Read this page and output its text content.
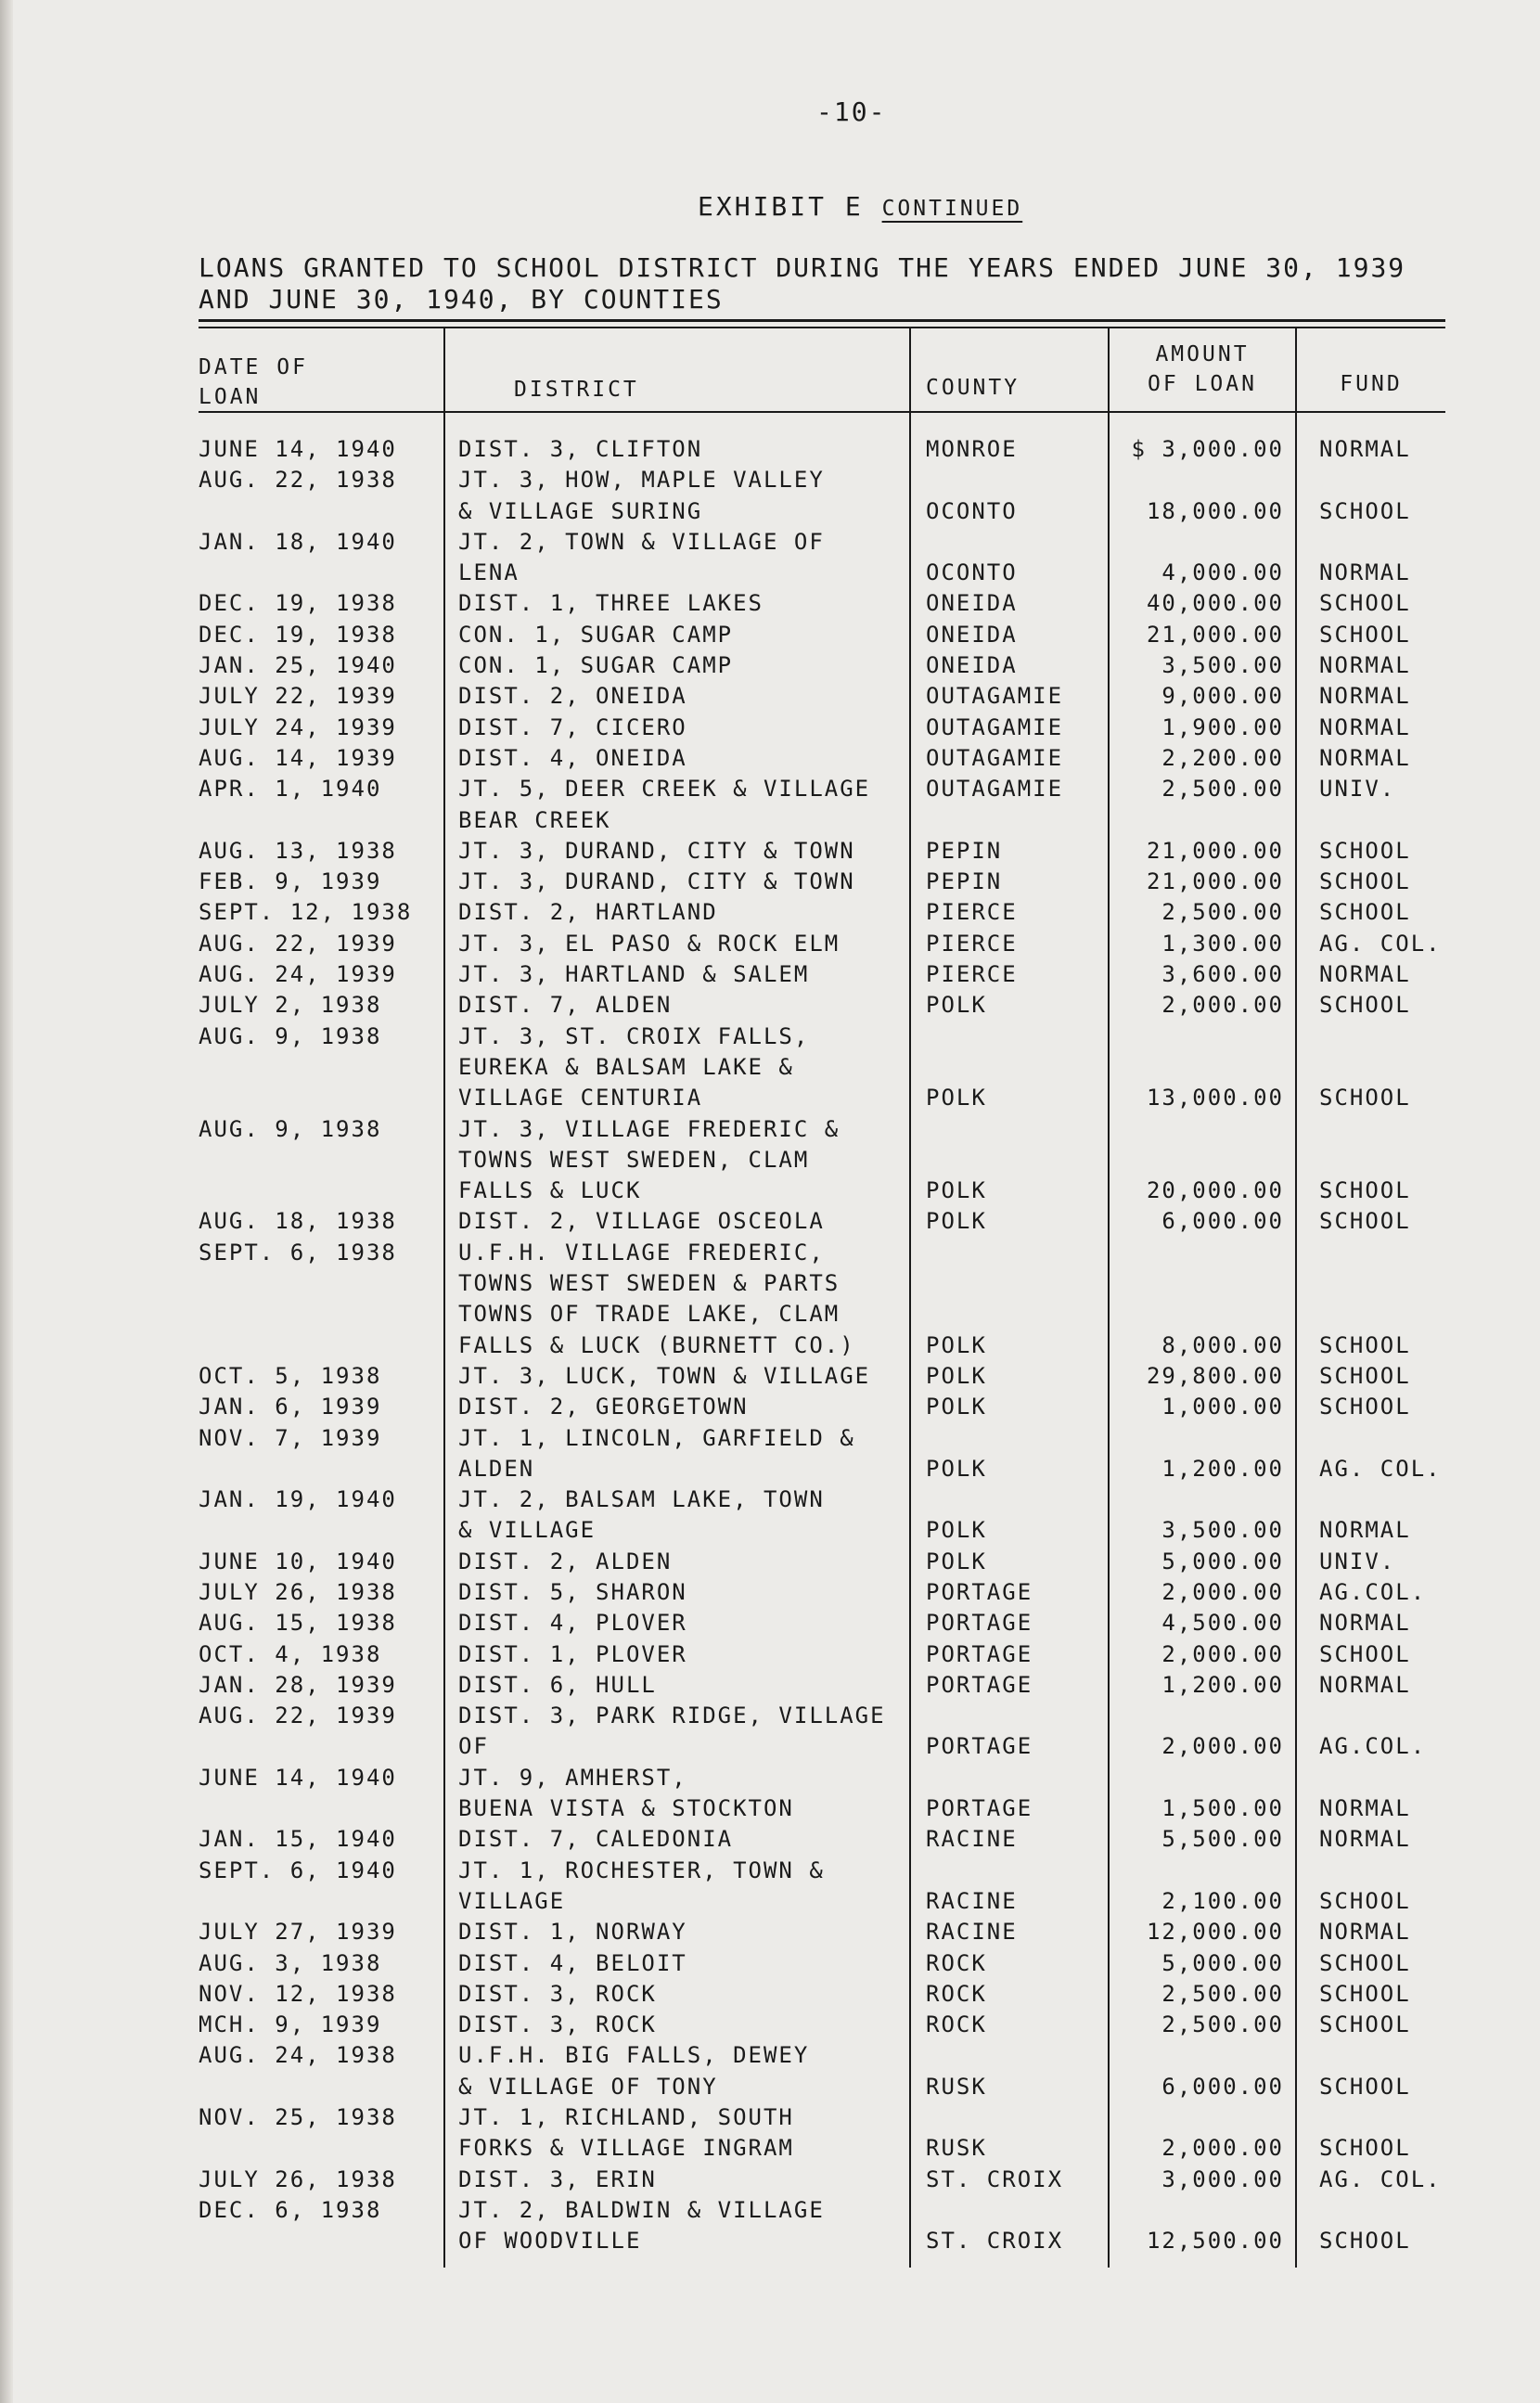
-10-
EXHIBIT E CONTINUED
LOANS GRANTED TO SCHOOL DISTRICT DURING THE YEARS ENDED JUNE 30, 1939
AND JUNE 30, 1940, BY COUNTIES
DATE OF
LOAN	DISTRICT	COUNTY
AMOUNT
OF LOAN	FUND
JUNE 14, 1940	DIST. 3, CLIFTON	MONROE	$ 3,000.00 NORMAL
AUG. 22, 1938	JT. 3, HOW, MAPLE VALLEY
& VILLAGE SURING	OCONTO	18,000.00 SCHOOL
JAN. 18, 1940	JT. 2, TOWN & VILLAGE OF
LENA	OCONTO	4,000.00 NORMAL
DEC. 19, 1938	DIST. 1, THREE LAKES	ONEIDA	40,000.00 SCHOOL
DEC. 19, 1938	CON. 1, SUGAR CAMP	ONEIDA	21,000.00 SCHOOL
JAN. 25, 1940	CON. 1, SUGAR CAMP	ONEIDA	3,500.00 NORMAL
JULY 22, 1939	DIST. 2, ONEIDA	OUTAGAMIE	9,000.00 NORMAL
JULY 24, 1939	DIST. 7, CICERO	OUTAGAMIE	1,900.00 NORMAL
AUG. 14, 1939	DIST. 4, ONEIDA	OUTAGAMIE	2,200.00 NORMAL
APR. 1, 1940	JT. 5, DEER CREEK & VILLAGE
BEAR CREEK
OUTAGAMIE	2,500.00 UNIV.
AUG. 13, 1938	JT. 3, DURAND, CITY & TOWN	PEPIN	21,000.00 SCHOOL
FEB. 9, 1939	JT. 3, DURAND, CITY & TOWN	PEPIN	21,000.00 SCHOOL
SEPT. 12, 1938 DIST. 2, HARTLAND	PIERCE	2,500.00 SCHOOL
AUG. 22, 1939	JT. 3, EL PASO & ROCK ELM	PIERCE	1,300.00 AG. COL.
AUG. 24, 1939	JT. 3, HARTLAND & SALEM	PIERCE	3,600.00 NORMAL
JULY 2, 1938	DIST. 7, ALDEN	POLK	2,000.00 SCHOOL
AUG. 9, 1938	JT. 3, ST. CROIX FALLS,
EUREKA & BALSAM LAKE &
VILLAGE CENTURIA	POLK	13,000.00 SCHOOL
AUG. 9, 1938	JT. 3, VILLAGE FREDERIC &
TOWNS WEST SWEDEN, CLAM
FALLS & LUCK	POLK	20,000.00 SCHOOL
AUG. 18, 1938	DIST. 2, VILLAGE OSCEOLA	POLK	6,000.00 SCHOOL
SEPT. 6, 1938	U.F.H. VILLAGE FREDERIC,
TOWNS WEST SWEDEN & PARTS
TOWNS OF TRADE LAKE, CLAM
FALLS & LUCK (BURNETT CO.)	POLK	8,000.00 SCHOOL
OCT. 5, 1938	JT. 3, LUCK, TOWN & VILLAGE	POLK	29,800.00 SCHOOL
JAN. 6, 1939	DIST. 2, GEORGETOWN	POLK	1,000.00 SCHOOL
NOV. 7, 1939	JT. 1, LINCOLN, GARFIELD &
ALDEN	POLK	1,200.00 AG. COL.
JAN. 19, 1940	JT. 2, BALSAM LAKE, TOWN
& VILLAGE	POLK	3,500.00 NORMAL
JUNE 10, 1940	DIST. 2, ALDEN	POLK	5,000.00 UNIV.
JULY 26, 1938	DIST. 5, SHARON	PORTAGE	2,000.00 AG.COL.
AUG. 15, 1938	DIST. 4, PLOVER	PORTAGE	4,500.00 NORMAL
OCT. 4, 1938	DIST. 1, PLOVER	PORTAGE	2,000.00 SCHOOL
JAN. 28, 1939	DIST. 6, HULL	PORTAGE	1,200.00 NORMAL
AUG. 22, 1939	DIST. 3, PARK RIDGE, VILLAGE
OF	PORTAGE	2,000.00 AG.COL.
JUNE 14, 1940	JT. 9, AMHERST,
BUENA VISTA & STOCKTON	PORTAGE	1,500.00 NORMAL
JAN. 15, 1940	DIST. 7, CALEDONIA	RACINE	5,500.00 NORMAL
SEPT. 6, 1940	JT. 1, ROCHESTER, TOWN &
VILLAGE	RACINE	2,100.00 SCHOOL
JULY 27, 1939	DIST. 1, NORWAY	RACINE	12,000.00 NORMAL
AUG. 3, 1938	DIST. 4, BELOIT	ROCK	5,000.00 SCHOOL
NOV. 12, 1938	DIST. 3, ROCK	ROCK	2,500.00 SCHOOL
MCH. 9, 1939	DIST. 3, ROCK	ROCK	2,500.00 SCHOOL
AUG. 24, 1938	U.F.H. BIG FALLS, DEWEY
& VILLAGE OF TONY	RUSK	6,000.00 SCHOOL
NOV. 25, 1938	JT. 1, RICHLAND, SOUTH
FORKS & VILLAGE INGRAM	RUSK	2,000.00 SCHOOL
JULY 26, 1938	DIST. 3, ERIN	ST. CROIX	3,000.00 AG. COL.
DEC. 6, 1938	JT. 2, BALDWIN & VILLAGE
OF WOODVILLE	ST. CROIX	12,500.00 SCHOOL
